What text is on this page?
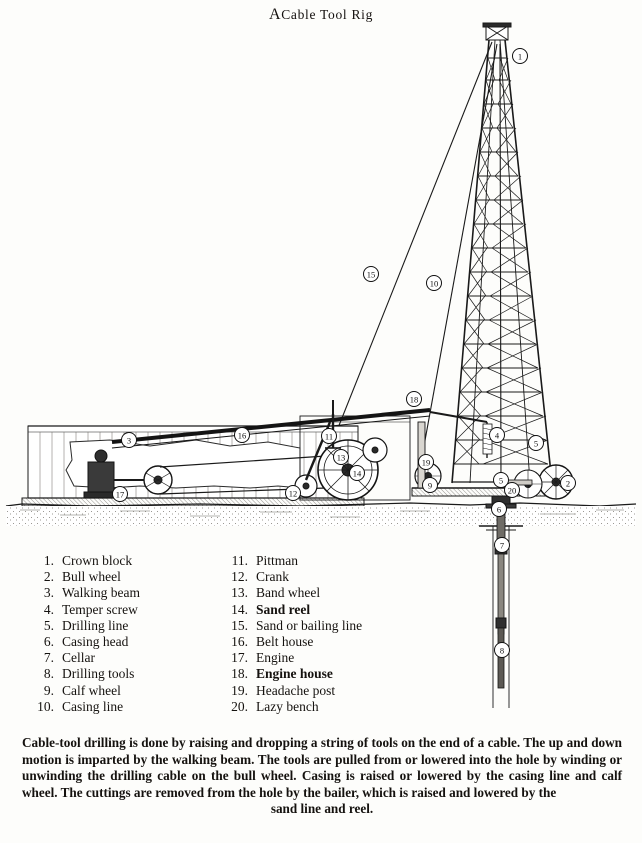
ACable Tool Rig
1
2
3	4
5
5
6
7
8
9
10
11
12
13
14
15
16
17
18
19
20
1. Crown block
2. Bull wheel
3. Walking beam
4. Temper screw
5. Drilling line
6. Casing head
7. Cellar
8. Drilling tools
9. Calf wheel
10. Casing line
11. Pittman
12. Crank
13. Band wheel
14. Sand reel
15. Sand or bailing line
16. Belt house
17. Engine
18. Engine house
19. Headache post
20. Lazy bench
Cable-tool drilling is done by raising and dropping a string of tools on the end of a cable. The up and down motion is imparted by the walking beam. The tools are pulled from or lowered into the hole by winding or unwinding the drilling cable on the bull wheel. Casing is raised or lowered by the casing line and calf wheel. The cuttings are removed from the hole by the bailer, which is raised and lowered by the
sand line and reel.
